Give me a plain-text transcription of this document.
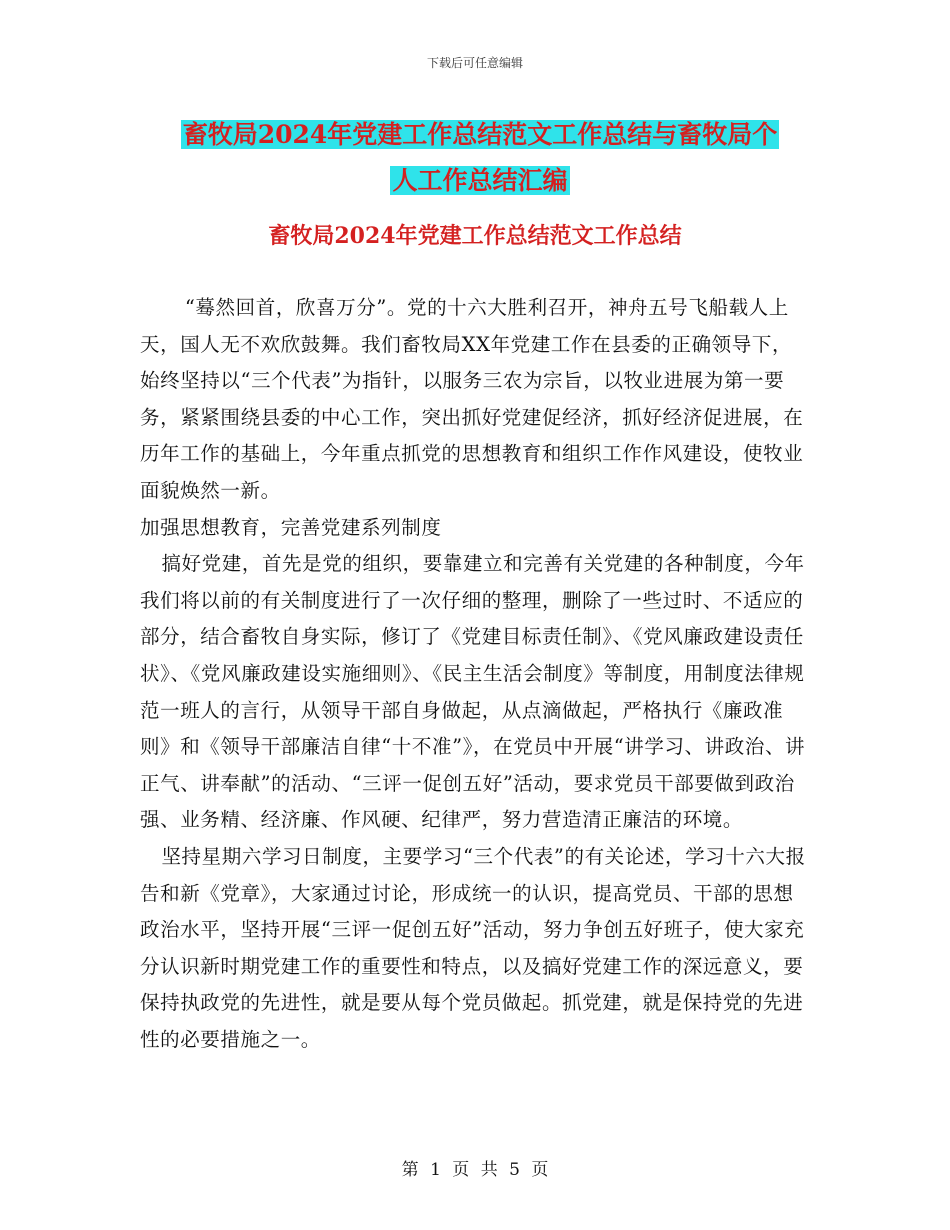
下载后可任意编辑
畜牧局2024年党建工作总结范文工作总结与畜牧局个
人工作总结汇编
畜牧局2024年党建工作总结范文工作总结

“蓦然回首，欣喜万分”。党的十六大胜利召开，神舟五号飞船载人上天，国人无不欢欣鼓舞。我们畜牧局XX年党建工作在县委的正确领导下，始终坚持以“三个代表”为指针，以服务三农为宗旨，以牧业进展为第一要务，紧紧围绕县委的中心工作，突出抓好党建促经济，抓好经济促进展，在历年工作的基础上，今年重点抓党的思想教育和组织工作作风建设，使牧业面貌焕然一新。

加强思想教育，完善党建系列制度

搞好党建，首先是党的组织，要靠建立和完善有关党建的各种制度，今年我们将以前的有关制度进行了一次仔细的整理，删除了一些过时、不适应的部分，结合畜牧自身实际，修订了《党建目标责任制》、《党风廉政建设责任状》、《党风廉政建设实施细则》、《民主生活会制度》等制度，用制度法律规范一班人的言行，从领导干部自身做起，从点滴做起，严格执行《廉政准则》和《领导干部廉洁自律“十不准”》，在党员中开展“讲学习、讲政治、讲正气、讲奉献”的活动、“三评一促创五好”活动，要求党员干部要做到政治强、业务精、经济廉、作风硬、纪律严，努力营造清正廉洁的环境。

坚持星期六学习日制度，主要学习“三个代表”的有关论述，学习十六大报告和新《党章》，大家通过讨论，形成统一的认识，提高党员、干部的思想政治水平，坚持开展“三评一促创五好”活动，努力争创五好班子，使大家充分认识新时期党建工作的重要性和特点，以及搞好党建工作的深远意义，要保持执政党的先进性，就是要从每个党员做起。抓党建，就是保持党的先进性的必要措施之一。

第 1 页 共 5 页
